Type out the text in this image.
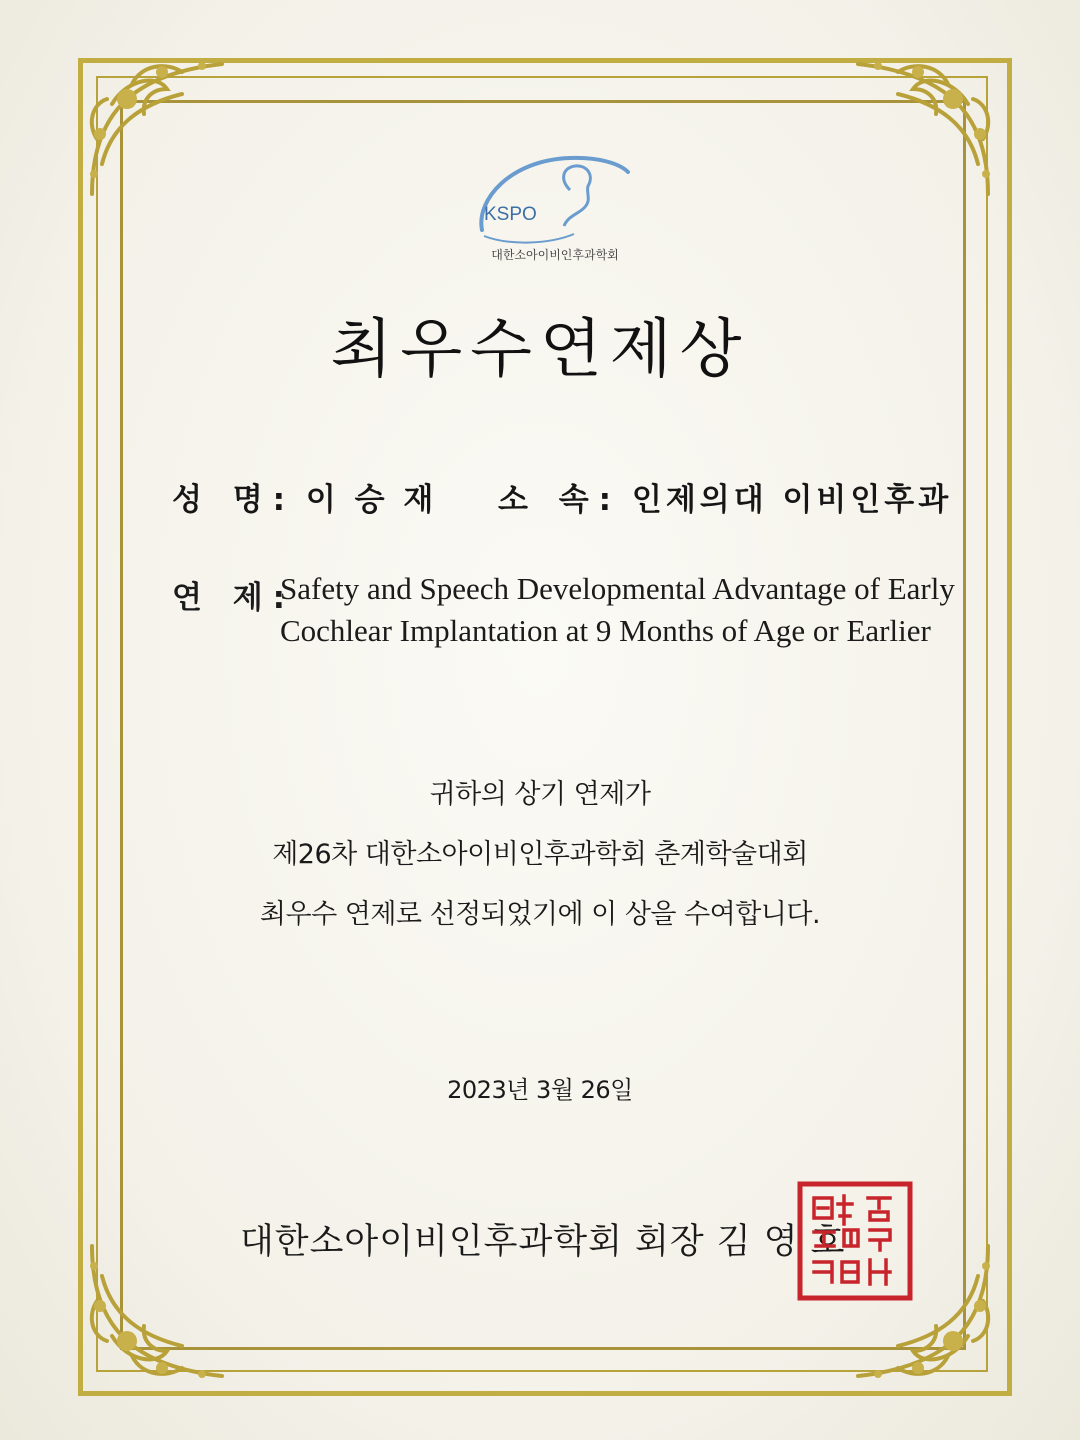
KSPO
대한소아이비인후과학회
최우수연제상
성 명: 이 승 재 소 속: 인제의대 이비인후과
연 제:
Safety and Speech Developmental Advantage of Early Cochlear Implantation at 9 Months of Age or Earlier
귀하의 상기 연제가
제26차 대한소아이비인후과학회 춘계학술대회
최우수 연제로 선정되었기에 이 상을 수여합니다.
2023년 3월 26일
대한소아이비인후과학회 회장 김 영 호
